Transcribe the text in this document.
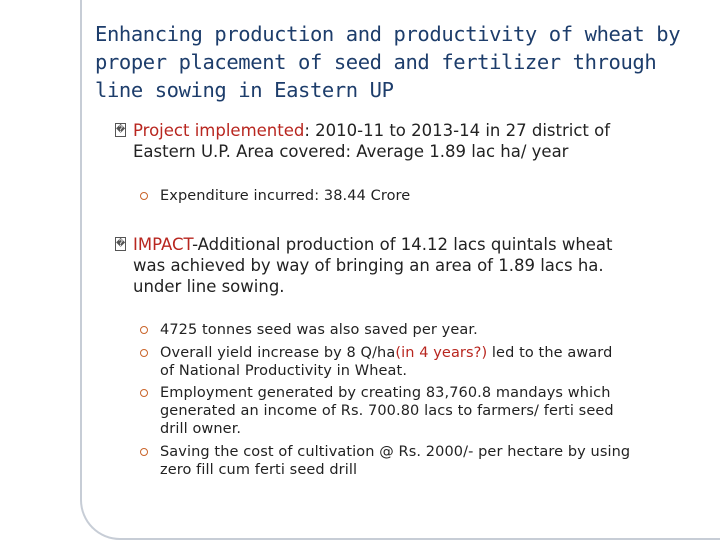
Enhancing production and productivity of wheat by
proper placement of seed and fertilizer through
line sowing in Eastern UP
� Project implemented: 2010-11 to 2013-14 in 27 district of
Eastern U.P. Area covered: Average 1.89 lac ha/ year
Expenditure incurred: 38.44 Crore
� IMPACT-Additional production of 14.12 lacs quintals wheat
was achieved by way of bringing an area of 1.89 lacs ha.
under line sowing.
4725 tonnes seed was also saved per year.
Overall yield increase by 8 Q/ha(in 4 years?) led to the award
of National Productivity in Wheat.
Employment generated by creating 83,760.8 mandays which
generated an income of Rs. 700.80 lacs to farmers/ ferti seed
drill owner.
Saving the cost of cultivation @ Rs. 2000/- per hectare by using
zero fill cum ferti seed drill
